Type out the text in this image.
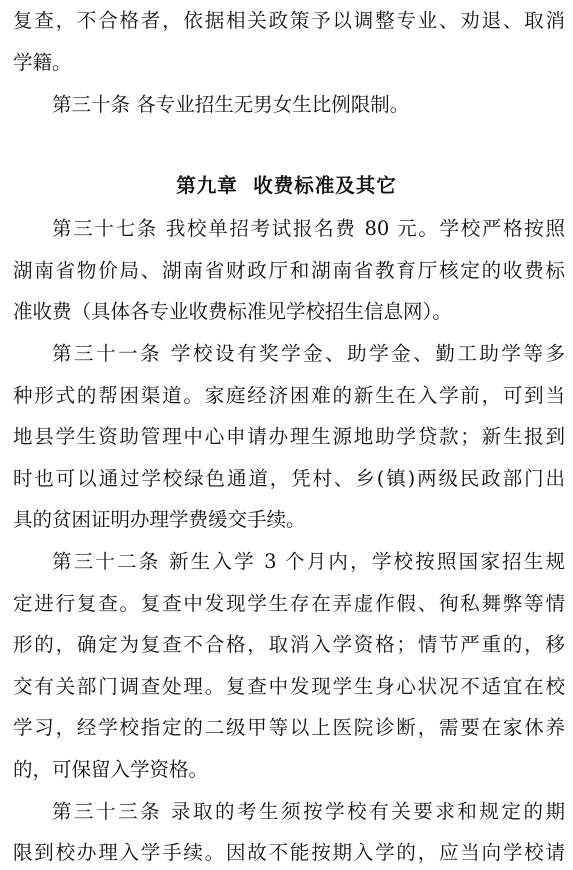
复查，不合格者，依据相关政策予以调整专业、劝退、取消
学籍。
第三十条 各专业招生无男女生比例限制。
第九章  收费标准及其它
第三十七条 我校单招考试报名费 80 元。学校严格按照
湖南省物价局、湖南省财政厅和湖南省教育厅核定的收费标
准收费（具体各专业收费标准见学校招生信息网）。
第三十一条 学校设有奖学金、助学金、勤工助学等多
种形式的帮困渠道。家庭经济困难的新生在入学前，可到当
地县学生资助管理中心申请办理生源地助学贷款；新生报到
时也可以通过学校绿色通道，凭村、乡(镇)两级民政部门出
具的贫困证明办理学费缓交手续。
第三十二条 新生入学 3 个月内，学校按照国家招生规
定进行复查。复查中发现学生存在弄虚作假、徇私舞弊等情
形的，确定为复查不合格，取消入学资格；情节严重的，移
交有关部门调查处理。复查中发现学生身心状况不适宜在校
学习，经学校指定的二级甲等以上医院诊断，需要在家休养
的，可保留入学资格。
第三十三条 录取的考生须按学校有关要求和规定的期
限到校办理入学手续。因故不能按期入学的，应当向学校请
